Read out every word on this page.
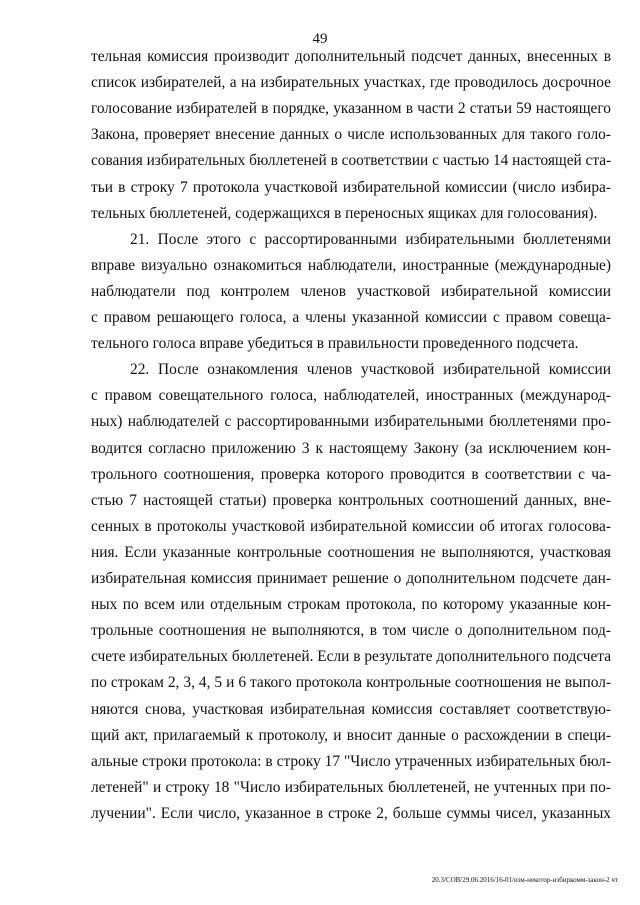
49
тельная комиссия производит дополнительный подсчет данных, внесенных в
список избирателей, а на избирательных участках, где проводилось досрочное
голосование избирателей в порядке, указанном в части 2 статьи 59 настоящего
Закона, проверяет внесение данных о числе использованных для такого голо-
сования избирательных бюллетеней в соответствии с частью 14 настоящей ста-
тьи в строку 7 протокола участковой избирательной комиссии (число избира-
тельных бюллетеней, содержащихся в переносных ящиках для голосования).
21. После этого с рассортированными избирательными бюллетенями
вправе визуально ознакомиться наблюдатели, иностранные (международные)
наблюдатели под контролем членов участковой избирательной комиссии
с правом решающего голоса, а члены указанной комиссии с правом совеща-
тельного голоса вправе убедиться в правильности проведенного подсчета.
22. После ознакомления членов участковой избирательной комиссии
с правом совещательного голоса, наблюдателей, иностранных (международ-
ных) наблюдателей с рассортированными избирательными бюллетенями про-
водится согласно приложению 3 к настоящему Закону (за исключением кон-
трольного соотношения, проверка которого проводится в соответствии с ча-
стью 7 настоящей статьи) проверка контрольных соотношений данных, вне-
сенных в протоколы участковой избирательной комиссии об итогах голосова-
ния. Если указанные контрольные соотношения не выполняются, участковая
избирательная комиссия принимает решение о дополнительном подсчете дан-
ных по всем или отдельным строкам протокола, по которому указанные кон-
трольные соотношения не выполняются, в том числе о дополнительном под-
счете избирательных бюллетеней. Если в результате дополнительного подсчета
по строкам 2, 3, 4, 5 и 6 такого протокола контрольные соотношения не выпол-
няются снова, участковая избирательная комиссия составляет соответствую-
щий акт, прилагаемый к протоколу, и вносит данные о расхождении в специ-
альные строки протокола: в строку 17 "Число утраченных избирательных бюл-
летеней" и строку 18 "Число избирательных бюллетеней, не учтенных при по-
лучении". Если число, указанное в строке 2, больше суммы чисел, указанных
20.3/СОВ/29.06.2016/16-01/изм-некотор-избиркомм-закон-2 чт
